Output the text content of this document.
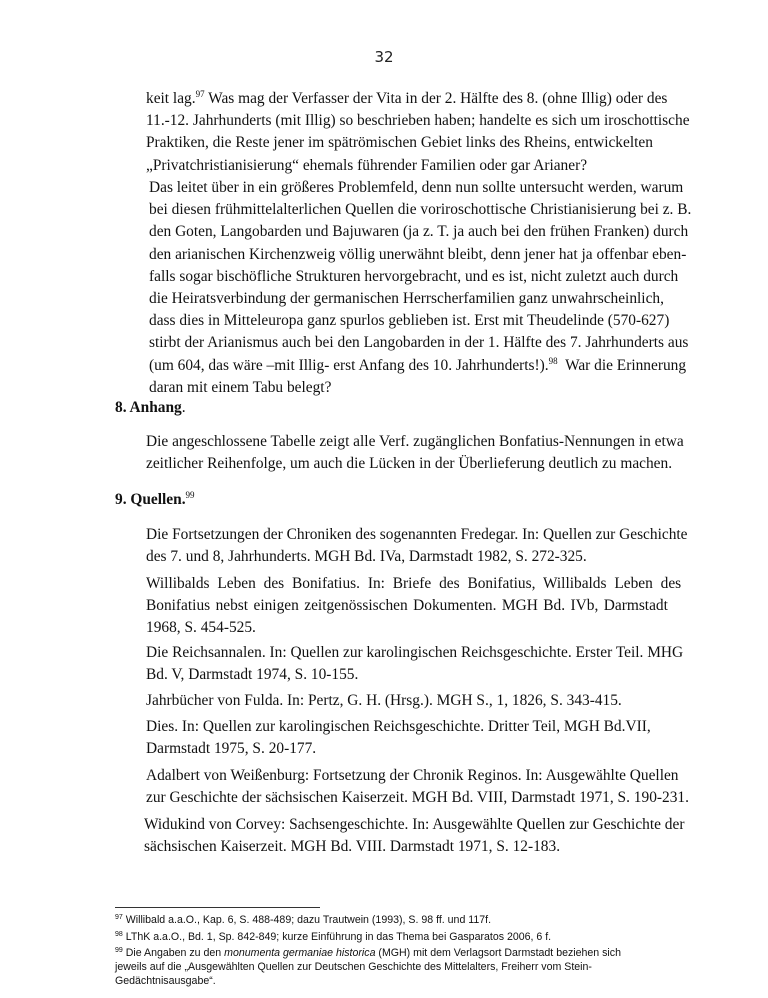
32
keit lag.$^{97}$ Was mag der Verfasser der Vita in der 2. Hälfte des 8. (ohne Illig) oder des
11.-12. Jahrhunderts (mit Illig) so beschrieben haben; handelte es sich um iroschottische
Praktiken, die Reste jener im spätrömischen Gebiet links des Rheins, entwickelten
„Privatchristianisierung“ ehemals führender Familien oder gar Arianer?
Das leitet über in ein größeres Problemfeld, denn nun sollte untersucht werden, warum
bei diesen frühmittelalterlichen Quellen die voriroschottische Christianisierung bei z. B.
den Goten, Langobarden und Bajuwaren (ja z. T. ja auch bei den frühen Franken) durch
den arianischen Kirchenzweig völlig unerwähnt bleibt, denn jener hat ja offenbar eben-
falls sogar bischöfliche Strukturen hervorgebracht, und es ist, nicht zuletzt auch durch
die Heiratsverbindung der germanischen Herrscherfamilien ganz unwahrscheinlich,
dass dies in Mitteleuropa ganz spurlos geblieben ist. Erst mit Theudelinde (570-627)
stirbt der Arianismus auch bei den Langobarden in der 1. Hälfte des 7. Jahrhunderts aus
(um 604, das wäre –mit Illig- erst Anfang des 10. Jahrhunderts!).$^{98}$ War die Erinnerung
daran mit einem Tabu belegt?
8. Anhang.
Die angeschlossene Tabelle zeigt alle Verf. zugänglichen Bonfatius-Nennungen in etwa
zeitlicher Reihenfolge, um auch die Lücken in der Überlieferung deutlich zu machen.
9. Quellen.$^{99}$
Die Fortsetzungen der Chroniken des sogenannten Fredegar. In: Quellen zur Geschichte
des 7. und 8, Jahrhunderts. MGH Bd. IVa, Darmstadt 1982, S. 272-325.
Willibalds Leben des Bonifatius. In: Briefe des Bonifatius, Willibalds Leben des
Bonifatius nebst einigen zeitgenössischen Dokumenten. MGH Bd. IVb, Darmstadt
1968, S. 454-525.
Die Reichsannalen. In: Quellen zur karolingischen Reichsgeschichte. Erster Teil. MHG
Bd. V, Darmstadt 1974, S. 10-155.
Jahrbücher von Fulda. In: Pertz, G. H. (Hrsg.). MGH S., 1, 1826, S. 343-415.
Dies. In: Quellen zur karolingischen Reichsgeschichte. Dritter Teil, MGH Bd.VII,
Darmstadt 1975, S. 20-177.
Adalbert von Weißenburg: Fortsetzung der Chronik Reginos. In: Ausgewählte Quellen
zur Geschichte der sächsischen Kaiserzeit. MGH Bd. VIII, Darmstadt 1971, S. 190-231.
Widukind von Corvey: Sachsengeschichte. In: Ausgewählte Quellen zur Geschichte der
sächsischen Kaiserzeit. MGH Bd. VIII. Darmstadt 1971, S. 12-183.
$^{97}$ Willibald a.a.O., Kap. 6, S. 488-489; dazu Trautwein (1993), S. 98 ff. und 117f.
$^{98}$ LThK a.a.O., Bd. 1, Sp. 842-849; kurze Einführung in das Thema bei Gasparatos 2006, 6 f.
$^{99}$ Die Angaben zu den monumenta germaniae historica (MGH) mit dem Verlagsort Darmstadt beziehen sich
jeweils auf die „Ausgewählten Quellen zur Deutschen Geschichte des Mittelalters, Freiherr vom Stein-
Gedächtnisausgabe“.
